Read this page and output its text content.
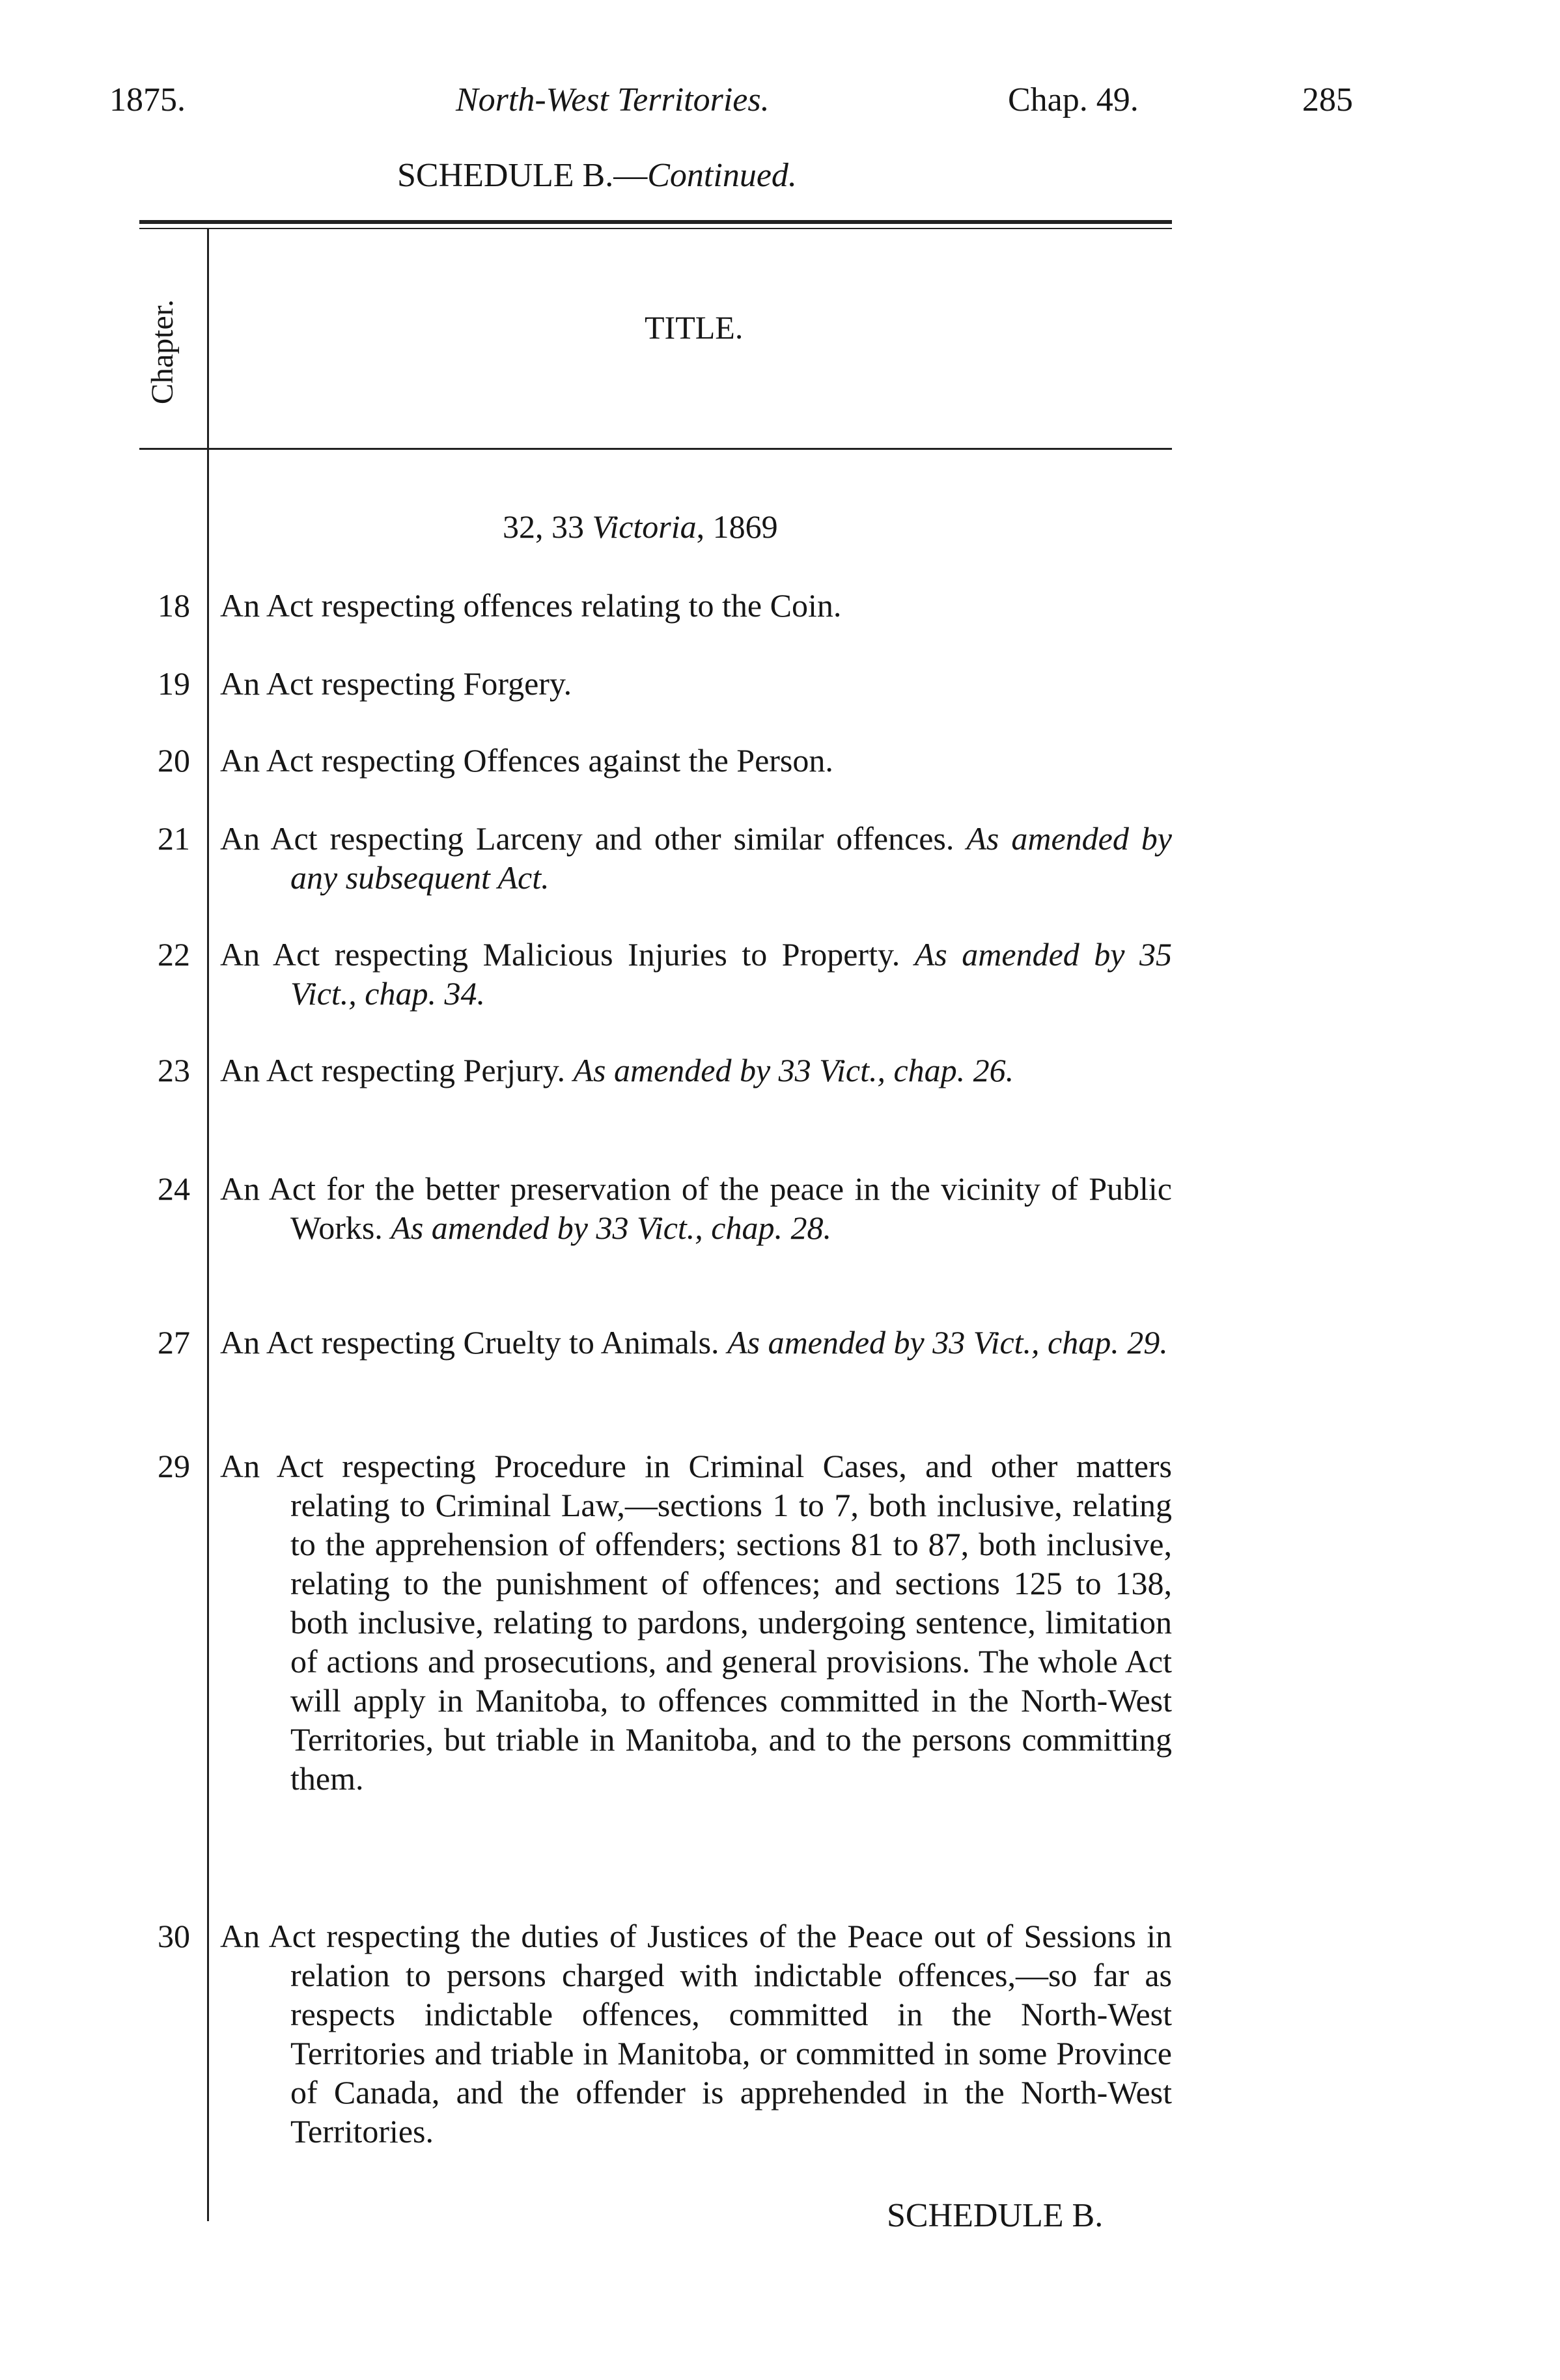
1875.	North-West Territories.	Chap. 49.	285
SCHEDULE B.—Continued.
Chapter.	TITLE.
32, 33 Victoria, 1869
18 An Act respecting offences relating to the Coin.
19 An Act respecting Forgery.
20 An Act respecting Offences against the Person.
21 An Act respecting Larceny and other similar offences. As amended by any subsequent Act.
22 An Act respecting Malicious Injuries to Property. As amended by 35 Vict., chap. 34.
23 An Act respecting Perjury. As amended by 33 Vict., chap. 26.
24 An Act for the better preservation of the peace in the vicinity of Public Works. As amended by 33 Vict., chap. 28.
27 An Act respecting Cruelty to Animals. As amended by 33 Vict., chap. 29.
29 An Act respecting Procedure in Criminal Cases, and other matters relating to Criminal Law,—sections 1 to 7, both inclusive, relating to the apprehension of offenders; sections 81 to 87, both inclusive, relating to the punishment of offences; and sections 125 to 138, both inclusive, relating to pardons, undergoing sentence, limitation of actions and prosecutions, and general provisions. The whole Act will apply in Manitoba, to offences committed in the North-West Territories, but triable in Manitoba, and to the persons committing them.
30 An Act respecting the duties of Justices of the Peace out of Sessions in relation to persons charged with indictable offences,—so far as respects indictable offences, committed in the North-West Territories and triable in Manitoba, or committed in some Province of Canada, and the offender is apprehended in the North-West Territories.
SCHEDULE B.
